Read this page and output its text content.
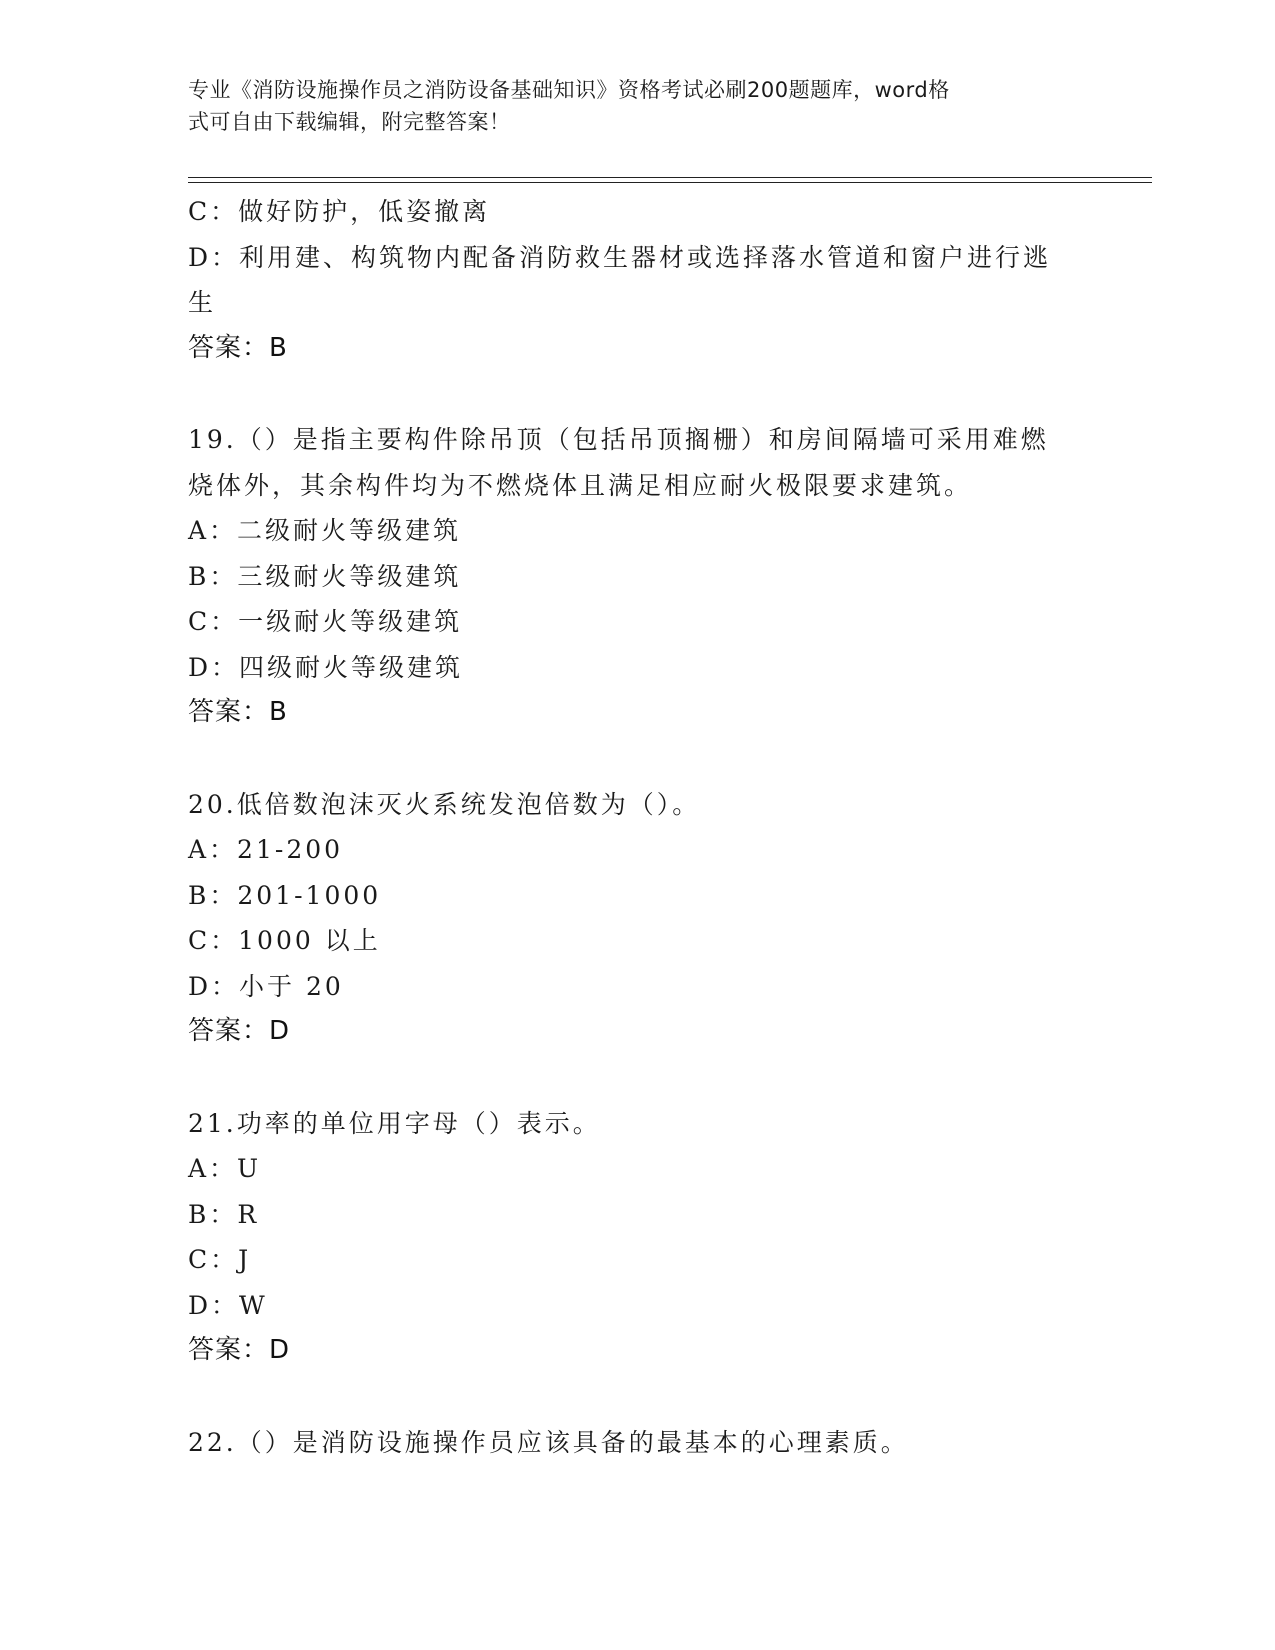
专业《消防设施操作员之消防设备基础知识》资格考试必刷200题题库，word格
式可自由下载编辑，附完整答案！
C：做好防护，低姿撤离
D：利用建、构筑物内配备消防救生器材或选择落水管道和窗户进行逃
生
答案：B
19.（）是指主要构件除吊顶（包括吊顶搁栅）和房间隔墙可采用难燃
烧体外，其余构件均为不燃烧体且满足相应耐火极限要求建筑。
A：二级耐火等级建筑
B：三级耐火等级建筑
C：一级耐火等级建筑
D：四级耐火等级建筑
答案：B
20.低倍数泡沫灭火系统发泡倍数为（）。
A：21-200
B：201-1000
C：1000 以上
D：小于 20
答案：D
21.功率的单位用字母（）表示。
A：U
B：R
C：J
D：W
答案：D
22.（）是消防设施操作员应该具备的最基本的心理素质。
